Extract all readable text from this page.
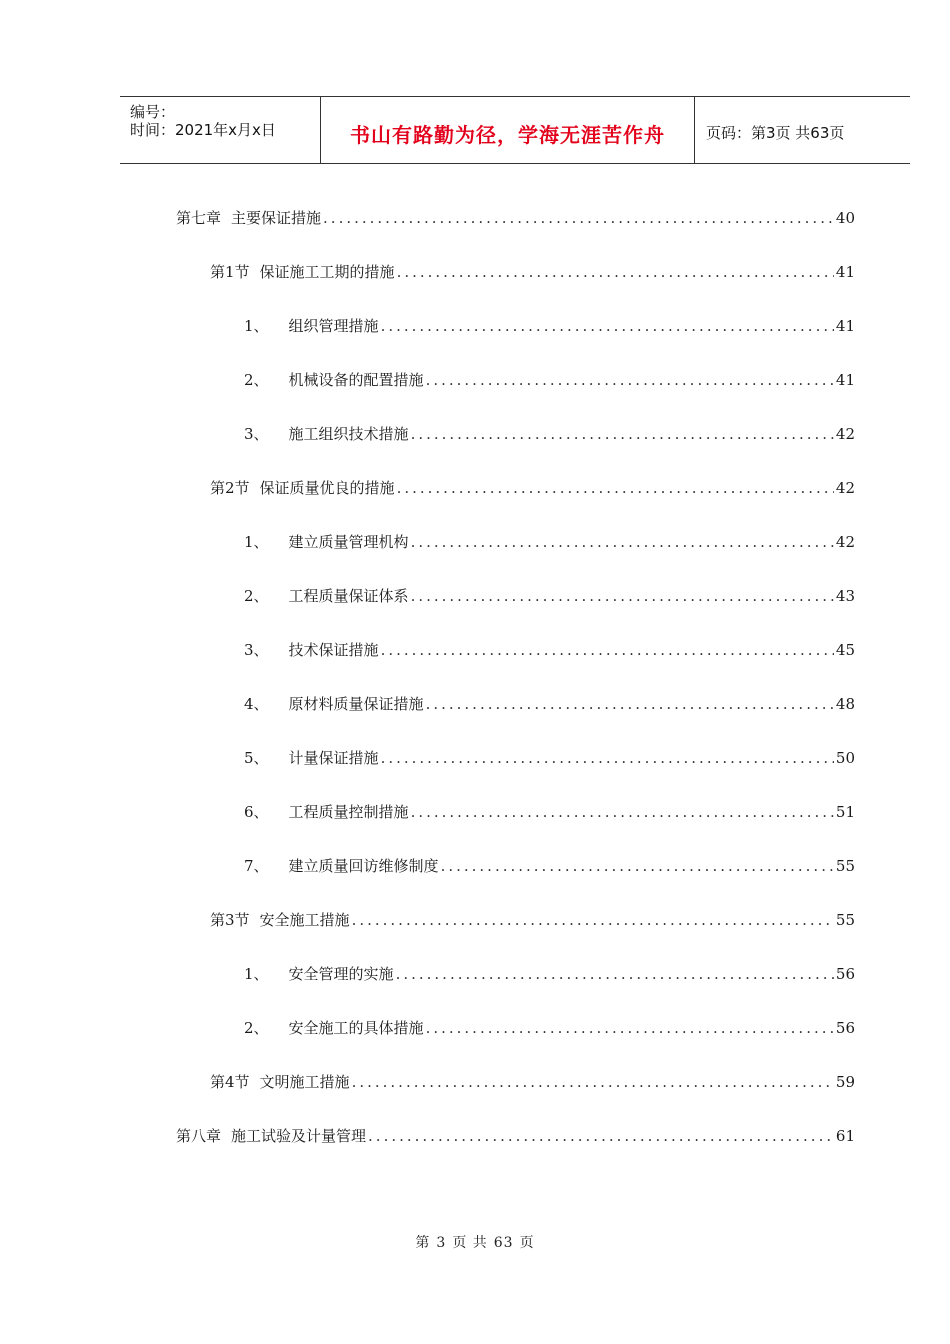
编号：
时间：2021年x月x日	书山有路勤为径，学海无涯苦作舟	页码：第3页 共63页
第七章 主要保证措施 .....	40
第1节 保证施工工期的措施 .....	41
1、 组织管理措施 .....	41
2、 机械设备的配置措施 .....	41
3、 施工组织技术措施 .....	42
第2节 保证质量优良的措施 .....	42
1、 建立质量管理机构 .....	42
2、 工程质量保证体系 .....	43
3、 技术保证措施 .....	45
4、 原材料质量保证措施 .....	48
5、 计量保证措施 .....	50
6、 工程质量控制措施 .....	51
7、 建立质量回访维修制度 .....	55
第3节 安全施工措施 .....	55
1、 安全管理的实施 .....	56
2、 安全施工的具体措施 .....	56
第4节 文明施工措施 .....	59
第八章 施工试验及计量管理 .....	61
第 3 页 共 63 页
